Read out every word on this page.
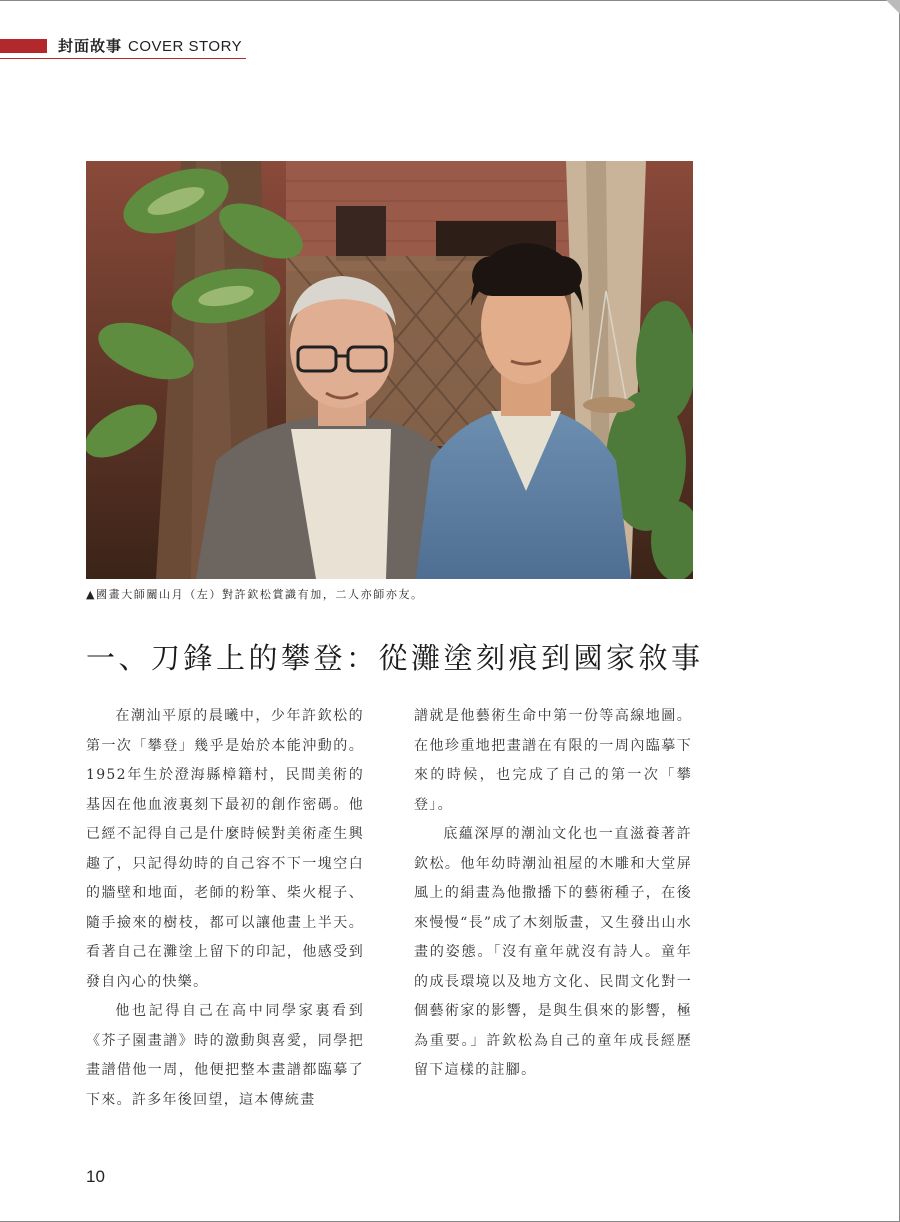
封面故事 COVER STORY
▲國畫大師關山月（左）對許欽松賞識有加，二人亦師亦友。
一、刀鋒上的攀登：從灘塗刻痕到國家敘事

在潮汕平原的晨曦中，少年許欽松的第一次「攀登」幾乎是始於本能沖動的。1952年生於澄海縣樟籍村，民間美術的基因在他血液裏刻下最初的創作密碼。他已經不記得自己是什麼時候對美術產生興趣了，只記得幼時的自己容不下一塊空白的牆壁和地面，老師的粉筆、柴火棍子、隨手撿來的樹枝，都可以讓他畫上半天。看著自己在灘塗上留下的印記，他感受到發自內心的快樂。

他也記得自己在高中同學家裏看到《芥子園畫譜》時的激動與喜愛，同學把畫譜借他一周，他便把整本畫譜都臨摹了下來。許多年後回望，這本傳統畫

譜就是他藝術生命中第一份等高線地圖。在他珍重地把畫譜在有限的一周內臨摹下來的時候，也完成了自己的第一次「攀登」。

底蘊深厚的潮汕文化也一直滋養著許欽松。他年幼時潮汕祖屋的木雕和大堂屏風上的絹畫為他撒播下的藝術種子，在後來慢慢“長”成了木刻版畫，又生發出山水畫的姿態。「沒有童年就沒有詩人。童年的成長環境以及地方文化、民間文化對一個藝術家的影響，是與生俱來的影響，極為重要。」許欽松為自己的童年成長經歷留下這樣的註腳。

10
